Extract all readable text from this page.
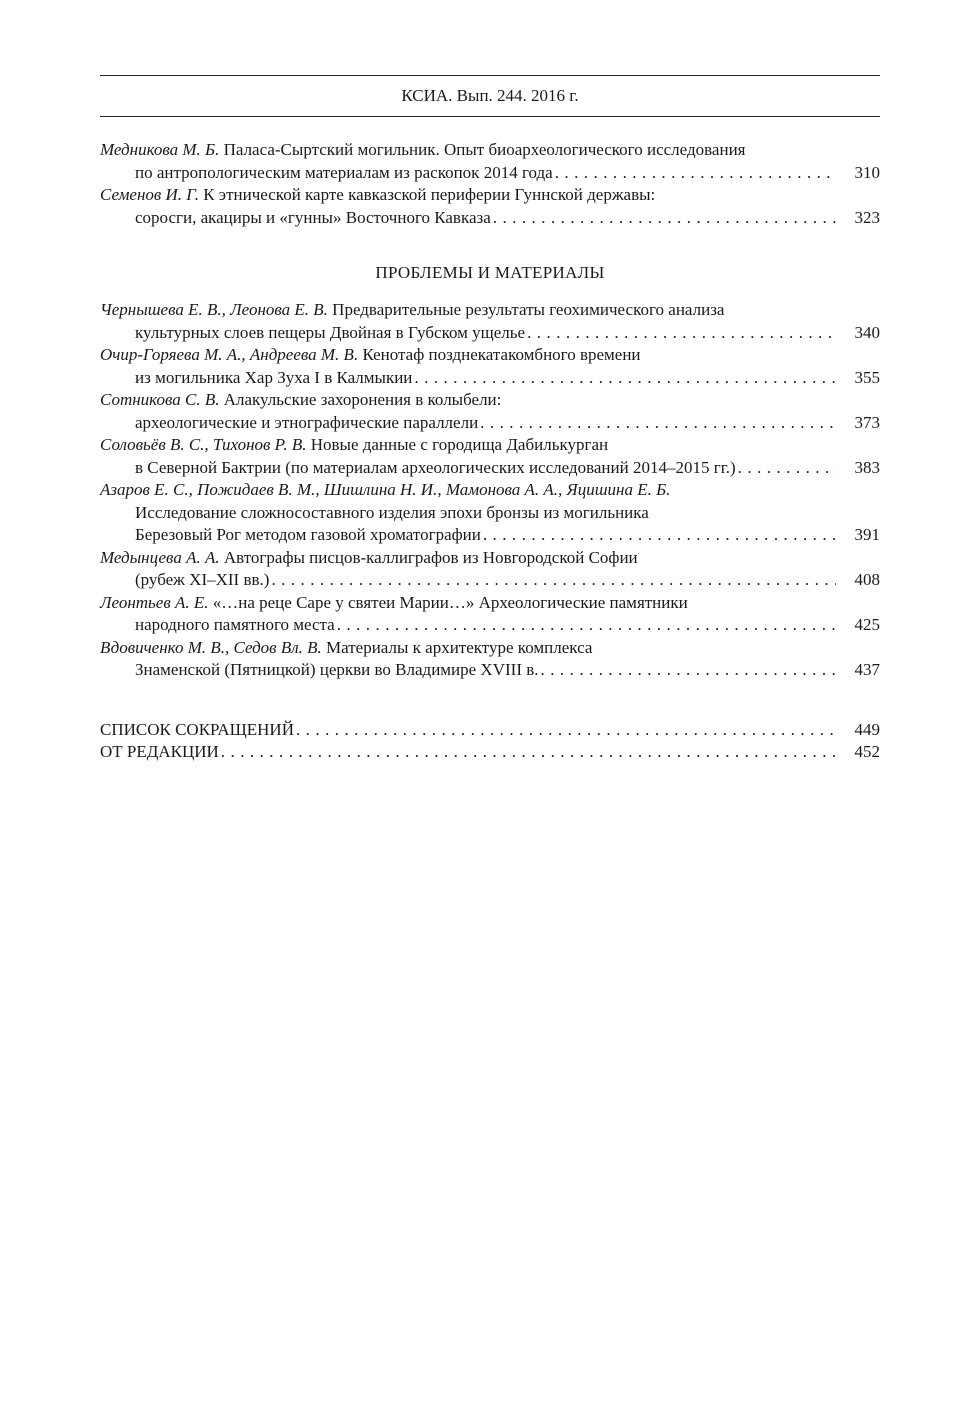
КСИА. Вып. 244. 2016 г.
Медникова М. Б. Паласа-Сыртский могильник. Опыт биоархеологического исследования
по антропологическим материалам из раскопок 2014 года . . .	310
Семенов И. Г. К этнической карте кавказской периферии Гуннской державы:
соросги, акациры и «гунны» Восточного Кавказа . . .	323
ПРОБЛЕМЫ И МАТЕРИАЛЫ
Чернышева Е. В., Леонова Е. В. Предварительные результаты геохимического анализа
культурных слоев пещеры Двойная в Губском ущелье . . .	340
Очир-Горяева М. А., Андреева М. В. Кенотаф позднекатакомбного времени
из могильника Хар Зуха I в Калмыкии . . .	355
Сотникова С. В. Алакульские захоронения в колыбели:
археологические и этнографические параллели . . .	373
Соловьёв В. С., Тихонов Р. В. Новые данные с городища Дабилькурган
в Северной Бактрии (по материалам археологических исследований 2014–2015 гг.) . . .	383
Азаров Е. С., Пожидаев В. М., Шишлина Н. И., Мамонова А. А., Яцишина Е. Б.
Исследование сложносоставного изделия эпохи бронзы из могильника
Березовый Рог методом газовой хроматографии . . .	391
Медынцева А. А. Автографы писцов-каллиграфов из Новгородской Софии
(рубеж XI–XII вв.) . . .	408
Леонтьев А. Е. «…на реце Саре у святеи Марии…» Археологические памятники
народного памятного места . . .	425
Вдовиченко М. В., Седов Вл. В. Материалы к архитектуре комплекса
Знаменской (Пятницкой) церкви во Владимире XVIII в. . . .	437
СПИСОК СОКРАЩЕНИЙ . . .	449
ОТ РЕДАКЦИИ . . .	452
